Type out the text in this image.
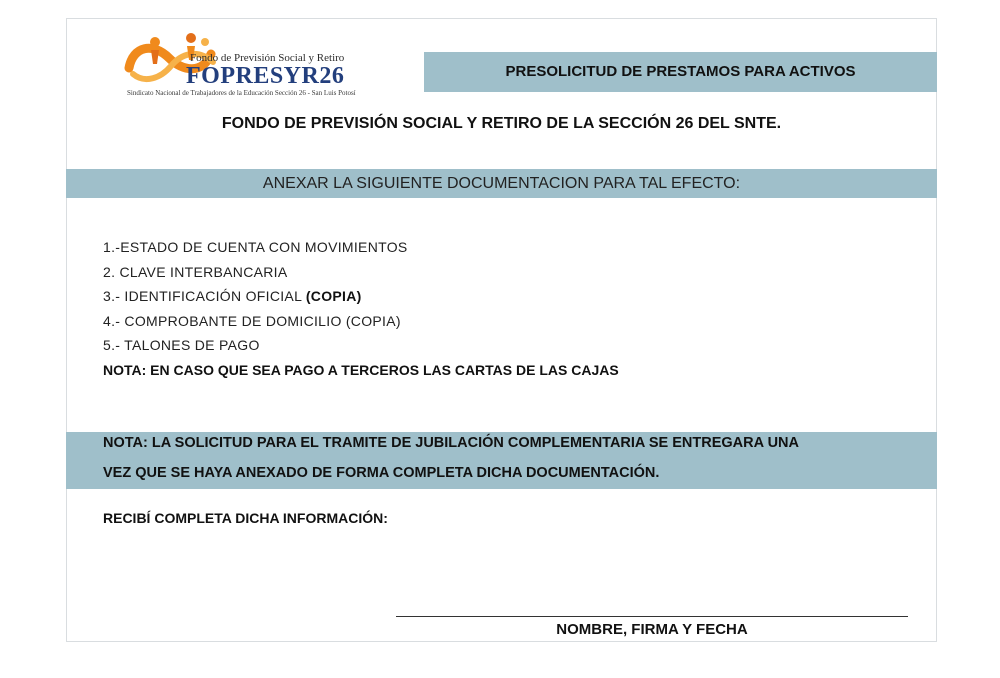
Fondo de Previsión Social y Retiro
FOPRESYR26
Sindicato Nacional de Trabajadores de la Educación Sección 26 - San Luis Potosí
PRESOLICITUD DE PRESTAMOS PARA ACTIVOS
FONDO DE PREVISIÓN SOCIAL Y RETIRO DE LA SECCIÓN 26 DEL SNTE.
ANEXAR LA SIGUIENTE DOCUMENTACION PARA TAL EFECTO:
1.-ESTADO DE CUENTA CON MOVIMIENTOS
2. CLAVE INTERBANCARIA
3.- IDENTIFICACIÓN OFICIAL (COPIA)
4.- COMPROBANTE DE DOMICILIO (COPIA)
5.- TALONES DE PAGO
NOTA: EN CASO QUE SEA PAGO A TERCEROS LAS CARTAS DE LAS CAJAS
NOTA: LA SOLICITUD PARA EL TRAMITE DE JUBILACIÓN COMPLEMENTARIA SE ENTREGARA UNA
VEZ QUE SE HAYA ANEXADO DE FORMA COMPLETA DICHA DOCUMENTACIÓN.
RECIBÍ COMPLETA DICHA INFORMACIÓN:
NOMBRE, FIRMA Y FECHA
